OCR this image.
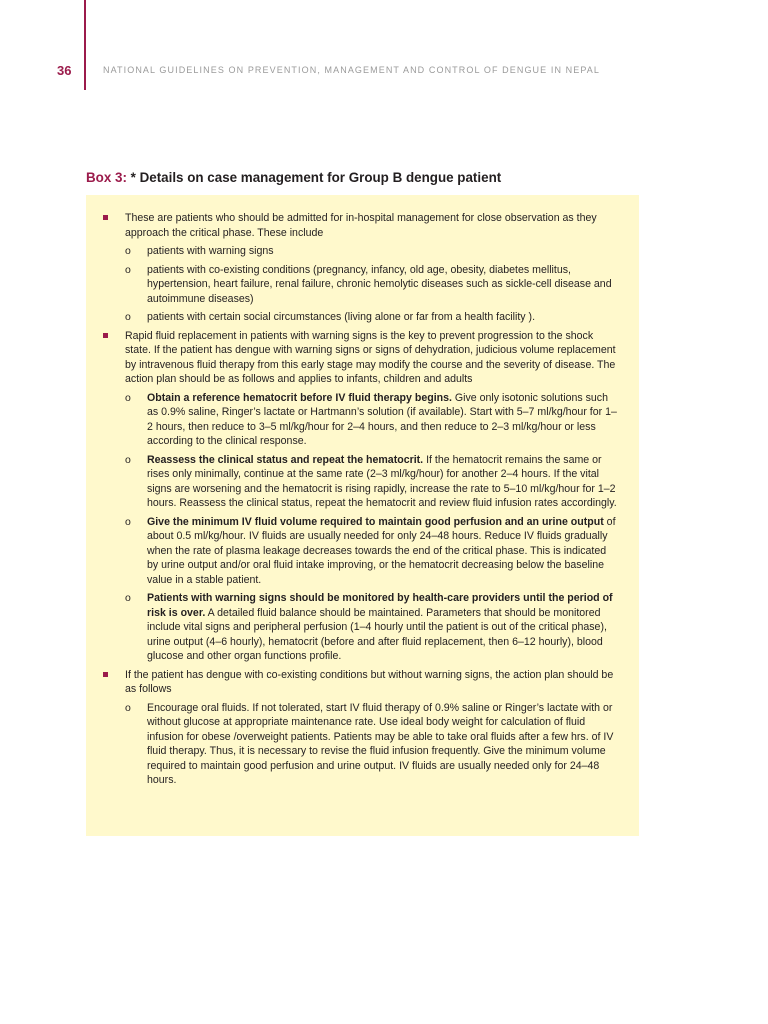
36	NATIONAL GUIDELINES ON PREVENTION, MANAGEMENT AND CONTROL OF DENGUE IN NEPAL
Box 3: * Details on case management for Group B dengue patient
These are patients who should be admitted for in-hospital management for close observation as they approach the critical phase. These include
o patients with warning signs
o patients with co-existing conditions (pregnancy, infancy, old age, obesity, diabetes mellitus, hypertension, heart failure, renal failure, chronic hemolytic diseases such as sickle-cell disease and autoimmune diseases)
o patients with certain social circumstances (living alone or far from a health facility ).
Rapid fluid replacement in patients with warning signs is the key to prevent progression to the shock state. If the patient has dengue with warning signs or signs of dehydration, judicious volume replacement by intravenous fluid therapy from this early stage may modify the course and the severity of disease. The action plan should be as follows and applies to infants, children and adults
o Obtain a reference hematocrit before IV fluid therapy begins. Give only isotonic solutions such as 0.9% saline, Ringer’s lactate or Hartmann’s solution (if available). Start with 5–7 ml/kg/hour for 1–2 hours, then reduce to 3–5 ml/kg/hour for 2–4 hours, and then reduce to 2–3 ml/kg/hour or less according to the clinical response.
o Reassess the clinical status and repeat the hematocrit. If the hematocrit remains the same or rises only minimally, continue at the same rate (2–3 ml/kg/hour) for another 2–4 hours. If the vital signs are worsening and the hematocrit is rising rapidly, increase the rate to 5–10 ml/kg/hour for 1–2 hours. Reassess the clinical status, repeat the hematocrit and review fluid infusion rates accordingly.
o Give the minimum IV fluid volume required to maintain good perfusion and an urine output of about 0.5 ml/kg/hour. IV fluids are usually needed for only 24–48 hours. Reduce IV fluids gradually when the rate of plasma leakage decreases towards the end of the critical phase. This is indicated by urine output and/or oral fluid intake improving, or the hematocrit decreasing below the baseline value in a stable patient.
o Patients with warning signs should be monitored by health-care providers until the period of risk is over. A detailed fluid balance should be maintained. Parameters that should be monitored include vital signs and peripheral perfusion (1–4 hourly until the patient is out of the critical phase), urine output (4–6 hourly), hematocrit (before and after fluid replacement, then 6–12 hourly), blood glucose and other organ functions profile.
If the patient has dengue with co-existing conditions but without warning signs, the action plan should be as follows
o Encourage oral fluids. If not tolerated, start IV fluid therapy of 0.9% saline or Ringer’s lactate with or without glucose at appropriate maintenance rate. Use ideal body weight for calculation of fluid infusion for obese /overweight patients. Patients may be able to take oral fluids after a few hrs. of IV fluid therapy. Thus, it is necessary to revise the fluid infusion frequently. Give the minimum volume required to maintain good perfusion and urine output. IV fluids are usually needed only for 24–48 hours.
